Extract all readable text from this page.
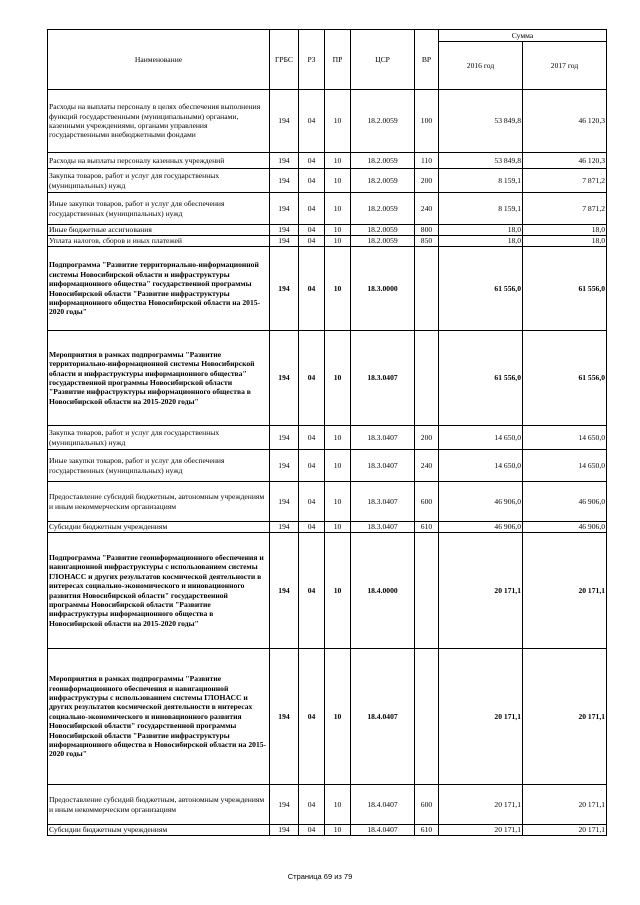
Наименование	ГРБС	РЗ	ПР	ЦСР	ВР	Сумма	
						2016 год	2017 год
Расходы на выплаты персоналу в целях обеспечения выполнения функций государственными (муниципальными) органами, казенными учреждениями, органами управления государственными внебюджетными фондами	194	04	10	18.2.0059	100	53 849,8	46 120,3
Расходы на выплаты персоналу казенных учреждений	194	04	10	18.2.0059	110	53 849,8	46 120,3
Закупка товаров, работ и услуг для государственных (муниципальных) нужд	194	04	10	18.2.0059	200	8 159,1	7 871,2
Иные закупки товаров, работ и услуг для обеспечения государственных (муниципальных) нужд	194	04	10	18.2.0059	240	8 159,1	7 871,2
Иные бюджетные ассигнования	194	04	10	18.2.0059	800	18,0	18,0
Уплата налогов, сборов и иных платежей	194	04	10	18.2.0059	850	18,0	18,0
Подпрограмма "Развитие территориально-информационной системы Новосибирской области и инфраструктуры информационного общества" государственной программы Новосибирской области "Развитие инфраструктуры информационного общества Новосибирской области на 2015-2020 годы"	194	04	10	18.3.0000		61 556,0	61 556,0
Мероприятия в рамках подпрограммы "Развитие территориально-информационной системы Новосибирской области и инфраструктуры информационного общества" государственной программы Новосибирской области "Развитие инфраструктуры информационного общества в Новосибирской области на 2015-2020 годы"	194	04	10	18.3.0407		61 556,0	61 556,0
Закупка товаров, работ и услуг для государственных (муниципальных) нужд	194	04	10	18.3.0407	200	14 650,0	14 650,0
Иные закупки товаров, работ и услуг для обеспечения государственных (муниципальных) нужд	194	04	10	18.3.0407	240	14 650,0	14 650,0
Предоставление субсидий бюджетным, автономным учреждениям и иным некоммерческим организациям	194	04	10	18.3.0407	600	46 906,0	46 906,0
Субсидии бюджетным учреждениям	194	04	10	18.3.0407	610	46 906,0	46 906,0
Подпрограмма "Развитие геоинформационного обеспечения и навигационной инфраструктуры с использованием системы ГЛОНАСС и других результатов космической деятельности в интересах социально-экономического и инновационного развития Новосибирской области" государственной программы Новосибирской области "Развитие инфраструктуры информационного общества в Новосибирской области на 2015-2020 годы"	194	04	10	18.4.0000		20 171,1	20 171,1
Мероприятия в рамках подпрограммы "Развитие геоинформационного обеспечения и навигационной инфраструктуры с использованием системы ГЛОНАСС и других результатов космической деятельности в интересах социально-экономического и инновационного развития Новосибирской области" государственной программы Новосибирской области "Развитие инфраструктуры информационного общества в Новосибирской области на 2015-2020 годы"	194	04	10	18.4.0407		20 171,1	20 171,1
Предоставление субсидий бюджетным, автономным учреждениям и иным некоммерческим организациям	194	04	10	18.4.0407	600	20 171,1	20 171,1
Субсидии бюджетным учреждениям	194	04	10	18.4.0407	610	20 171,1	20 171,1
Страница 69 из 79
